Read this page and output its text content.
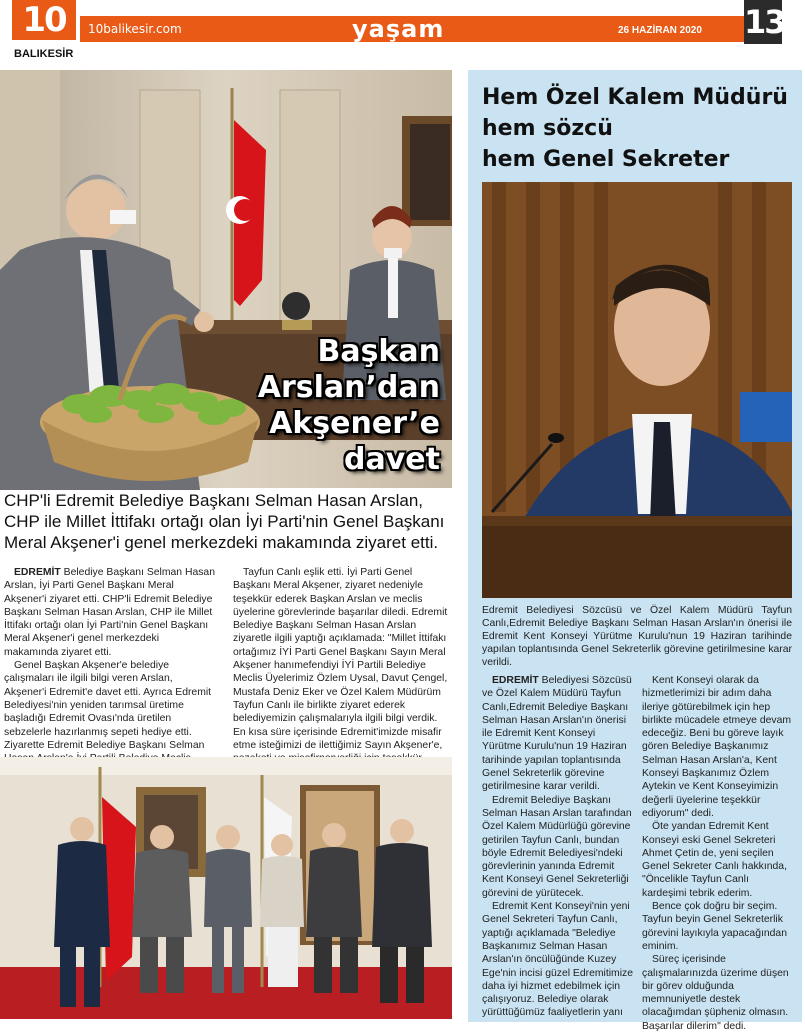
10
BALIKESİR
10balikesir.com	yaşam	26 HAZİRAN 2020 13
Başkan
Arslan’dan
Akşener’e
davet
CHP'li Edremit Belediye Başkanı Selman Hasan Arslan, CHP ile Millet İttifakı ortağı olan İyi Parti'nin Genel Başkanı Meral Akşener'i genel merkezdeki makamında ziyaret etti.

EDREMİT Belediye Başkanı Selman Hasan Arslan, İyi Parti Genel Başkanı Meral Akşener'i ziyaret etti. CHP'li Edremit Belediye Başkanı Selman Hasan Arslan, CHP ile Millet İttifakı ortağı olan İyi Parti'nin Genel Başkanı Meral Akşener'i genel merkezdeki makamında ziyaret etti.

Genel Başkan Akşener'e belediye çalışmaları ile ilgili bilgi veren Arslan, Akşener'i Edremit'e davet etti. Ayrıca Edremit Belediyesi'nin yeniden tarımsal üretime başladığı Edremit Ovası'nda üretilen sebzelerle hazırlanmış sepeti hediye etti. Ziyarette Edremit Belediye Başkanı Selman

Tayfun Canlı eşlik etti. İyi Parti Genel Başkanı Meral Akşener, ziyaret nedeniyle teşekkür ederek Başkan Arslan ve meclis üyelerine görevlerinde başarılar diledi. Edremit Belediye Başkanı Selman Hasan Arslan ziyaretle ilgili yaptığı açıklamada: "Millet İttifakı ortağımız İYİ Parti Genel Başkanı Sayın Meral Akşener hanımefendiyi İYİ Partili Belediye Meclis Üyelerimiz Özlem Uysal, Davut Çengel, Mustafa Deniz Eker ve Özel Kalem Müdürüm Tayfun Canlı ile birlikte ziyaret ederek belediyemizin çalışmalarıyla ilgili bilgi verdik. En kısa süre içerisinde Edremit'imizde misafir etme isteğimizi de ilettiğimiz Sayın Akşener'e,

Hem Özel Kalem Müdürü
hem sözcü
hem Genel Sekreter
Edremit Belediyesi Sözcüsü ve Özel Kalem Müdürü Tayfun Canlı,Edremit Belediye Başkanı Selman Hasan Arslan'ın önerisi ile Edremit Kent Konseyi Yürütme Kurulu'nun 19 Haziran tarihinde yapılan toplantısında Genel Sekreterlik görevine getirilmesine karar verildi.

EDREMİT Belediyesi Sözcüsü ve Özel Kalem Müdürü Tayfun Canlı,Edremit Belediye Başkanı Selman Hasan Arslan'ın önerisi ile Edremit Kent Konseyi Yürütme Kurulu'nun 19 Haziran tarihinde yapılan toplantısında Genel Sekreterlik görevine getirilmesine karar verildi.

Edremit Belediye Başkanı Selman Hasan Arslan tarafından Özel Kalem Müdürlüğü görevine getirilen Tayfun Canlı, bundan böyle Edremit Belediyesi'ndeki görevlerinin yanında Edremit Kent Konseyi Genel Sekreterliği görevini de yürütecek.

Edremit Kent Konseyi'nin yeni Genel Sekreteri Tayfun Canlı, yaptığı açıklamada "Belediye Başkanımız Selman Hasan Arslan'ın öncülüğünde Kuzey Ege'nin incisi güzel Edremitimize daha iyi hizmet edebilmek için çalışıyoruz. Belediye olarak yürüttüğümüz faaliyetlerin yanı

Kent Konseyi olarak da hizmetlerimizi bir adım daha ileriye götürebilmek için hep birlikte mücadele etmeye devam edeceğiz. Beni bu göreve layık gören Belediye Başkanımız Selman Hasan Arslan'a, Kent Konseyi Başkanımız Özlem Aytekin ve Kent Konseyimizin değerli üyelerine teşekkür ediyorum" dedi.

Öte yandan Edremit Kent Konseyi eski Genel Sekreteri Ahmet Çetin de, yeni seçilen Genel Sekreter Canlı hakkında, "Öncelikle Tayfun Canlı kardeşimi tebrik ederim.

Bence çok doğru bir seçim. Tayfun beyin Genel Sekreterlik görevini layıkıyla yapacağından eminim.

Süreç içerisinde çalışmalarınızda üzerime düşen bir görev olduğunda memnuniyetle destek olacağımdan şüpheniz olmasın. Başarılar dilerim" dedi.
